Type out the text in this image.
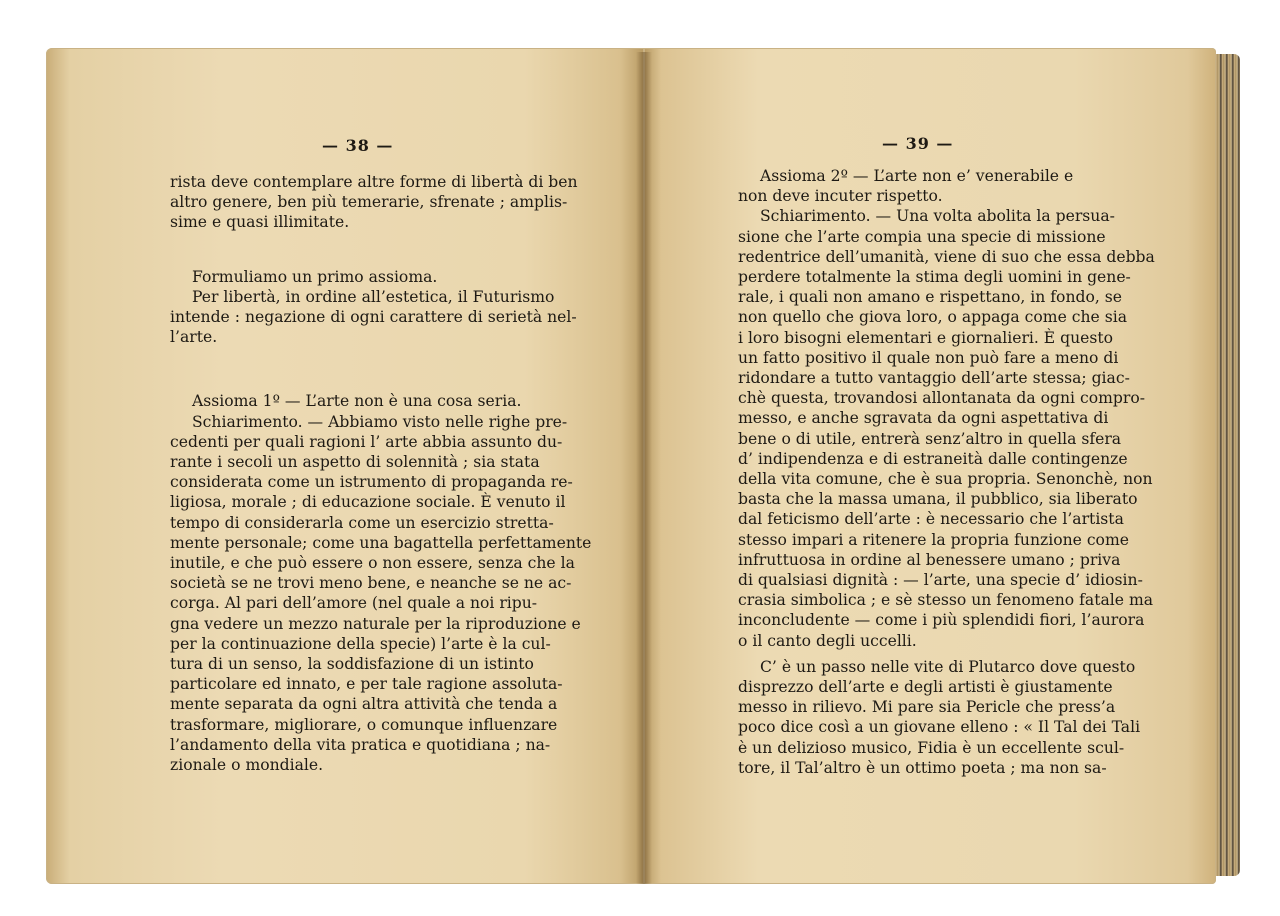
— 38 —
rista deve contemplare altre forme di libertà di ben
altro genere, ben più temerarie, sfrenate ; amplis-
sime e quasi illimitate.
Formuliamo un primo assioma.
Per libertà, in ordine all’estetica, il Futurismo
intende : negazione di ogni carattere di serietà nel-
l’arte.
Assioma 1º — L’arte non è una cosa seria.
Schiarimento. — Abbiamo visto nelle righe pre-
cedenti per quali ragioni l’ arte abbia assunto du-
rante i secoli un aspetto di solennità ; sia stata
considerata come un istrumento di propaganda re-
ligiosa, morale ; di educazione sociale. È venuto il
tempo di considerarla come un esercizio stretta-
mente personale; come una bagattella perfettamente
inutile, e che può essere o non essere, senza che la
società se ne trovi meno bene, e neanche se ne ac-
corga. Al pari dell’amore (nel quale a noi ripu-
gna vedere un mezzo naturale per la riproduzione e
per la continuazione della specie) l’arte è la cul-
tura di un senso, la soddisfazione di un istinto
particolare ed innato, e per tale ragione assoluta-
mente separata da ogni altra attività che tenda a
trasformare, migliorare, o comunque influenzare
l’andamento della vita pratica e quotidiana ; na-
zionale o mondiale.
— 39 —
Assioma 2º — L’arte non e’ venerabile e
non deve incuter rispetto.
Schiarimento. — Una volta abolita la persua-
sione che l’arte compia una specie di missione
redentrice dell’umanità, viene di suo che essa debba
perdere totalmente la stima degli uomini in gene-
rale, i quali non amano e rispettano, in fondo, se
non quello che giova loro, o appaga come che sia
i loro bisogni elementari e giornalieri. È questo
un fatto positivo il quale non può fare a meno di
ridondare a tutto vantaggio dell’arte stessa; giac-
chè questa, trovandosi allontanata da ogni compro-
messo, e anche sgravata da ogni aspettativa di
bene o di utile, entrerà senz’altro in quella sfera
d’ indipendenza e di estraneità dalle contingenze
della vita comune, che è sua propria. Senonchè, non
basta che la massa umana, il pubblico, sia liberato
dal feticismo dell’arte : è necessario che l’artista
stesso impari a ritenere la propria funzione come
infruttuosa in ordine al benessere umano ; priva
di qualsiasi dignità : — l’arte, una specie d’ idiosin-
crasia simbolica ; e sè stesso un fenomeno fatale ma
inconcludente — come i più splendidi fiori, l’aurora
o il canto degli uccelli.
C’ è un passo nelle vite di Plutarco dove questo
disprezzo dell’arte e degli artisti è giustamente
messo in rilievo. Mi pare sia Pericle che press’a
poco dice così a un giovane elleno : « Il Tal dei Tali
è un delizioso musico, Fidia è un eccellente scul-
tore, il Tal’altro è un ottimo poeta ; ma non sa-
